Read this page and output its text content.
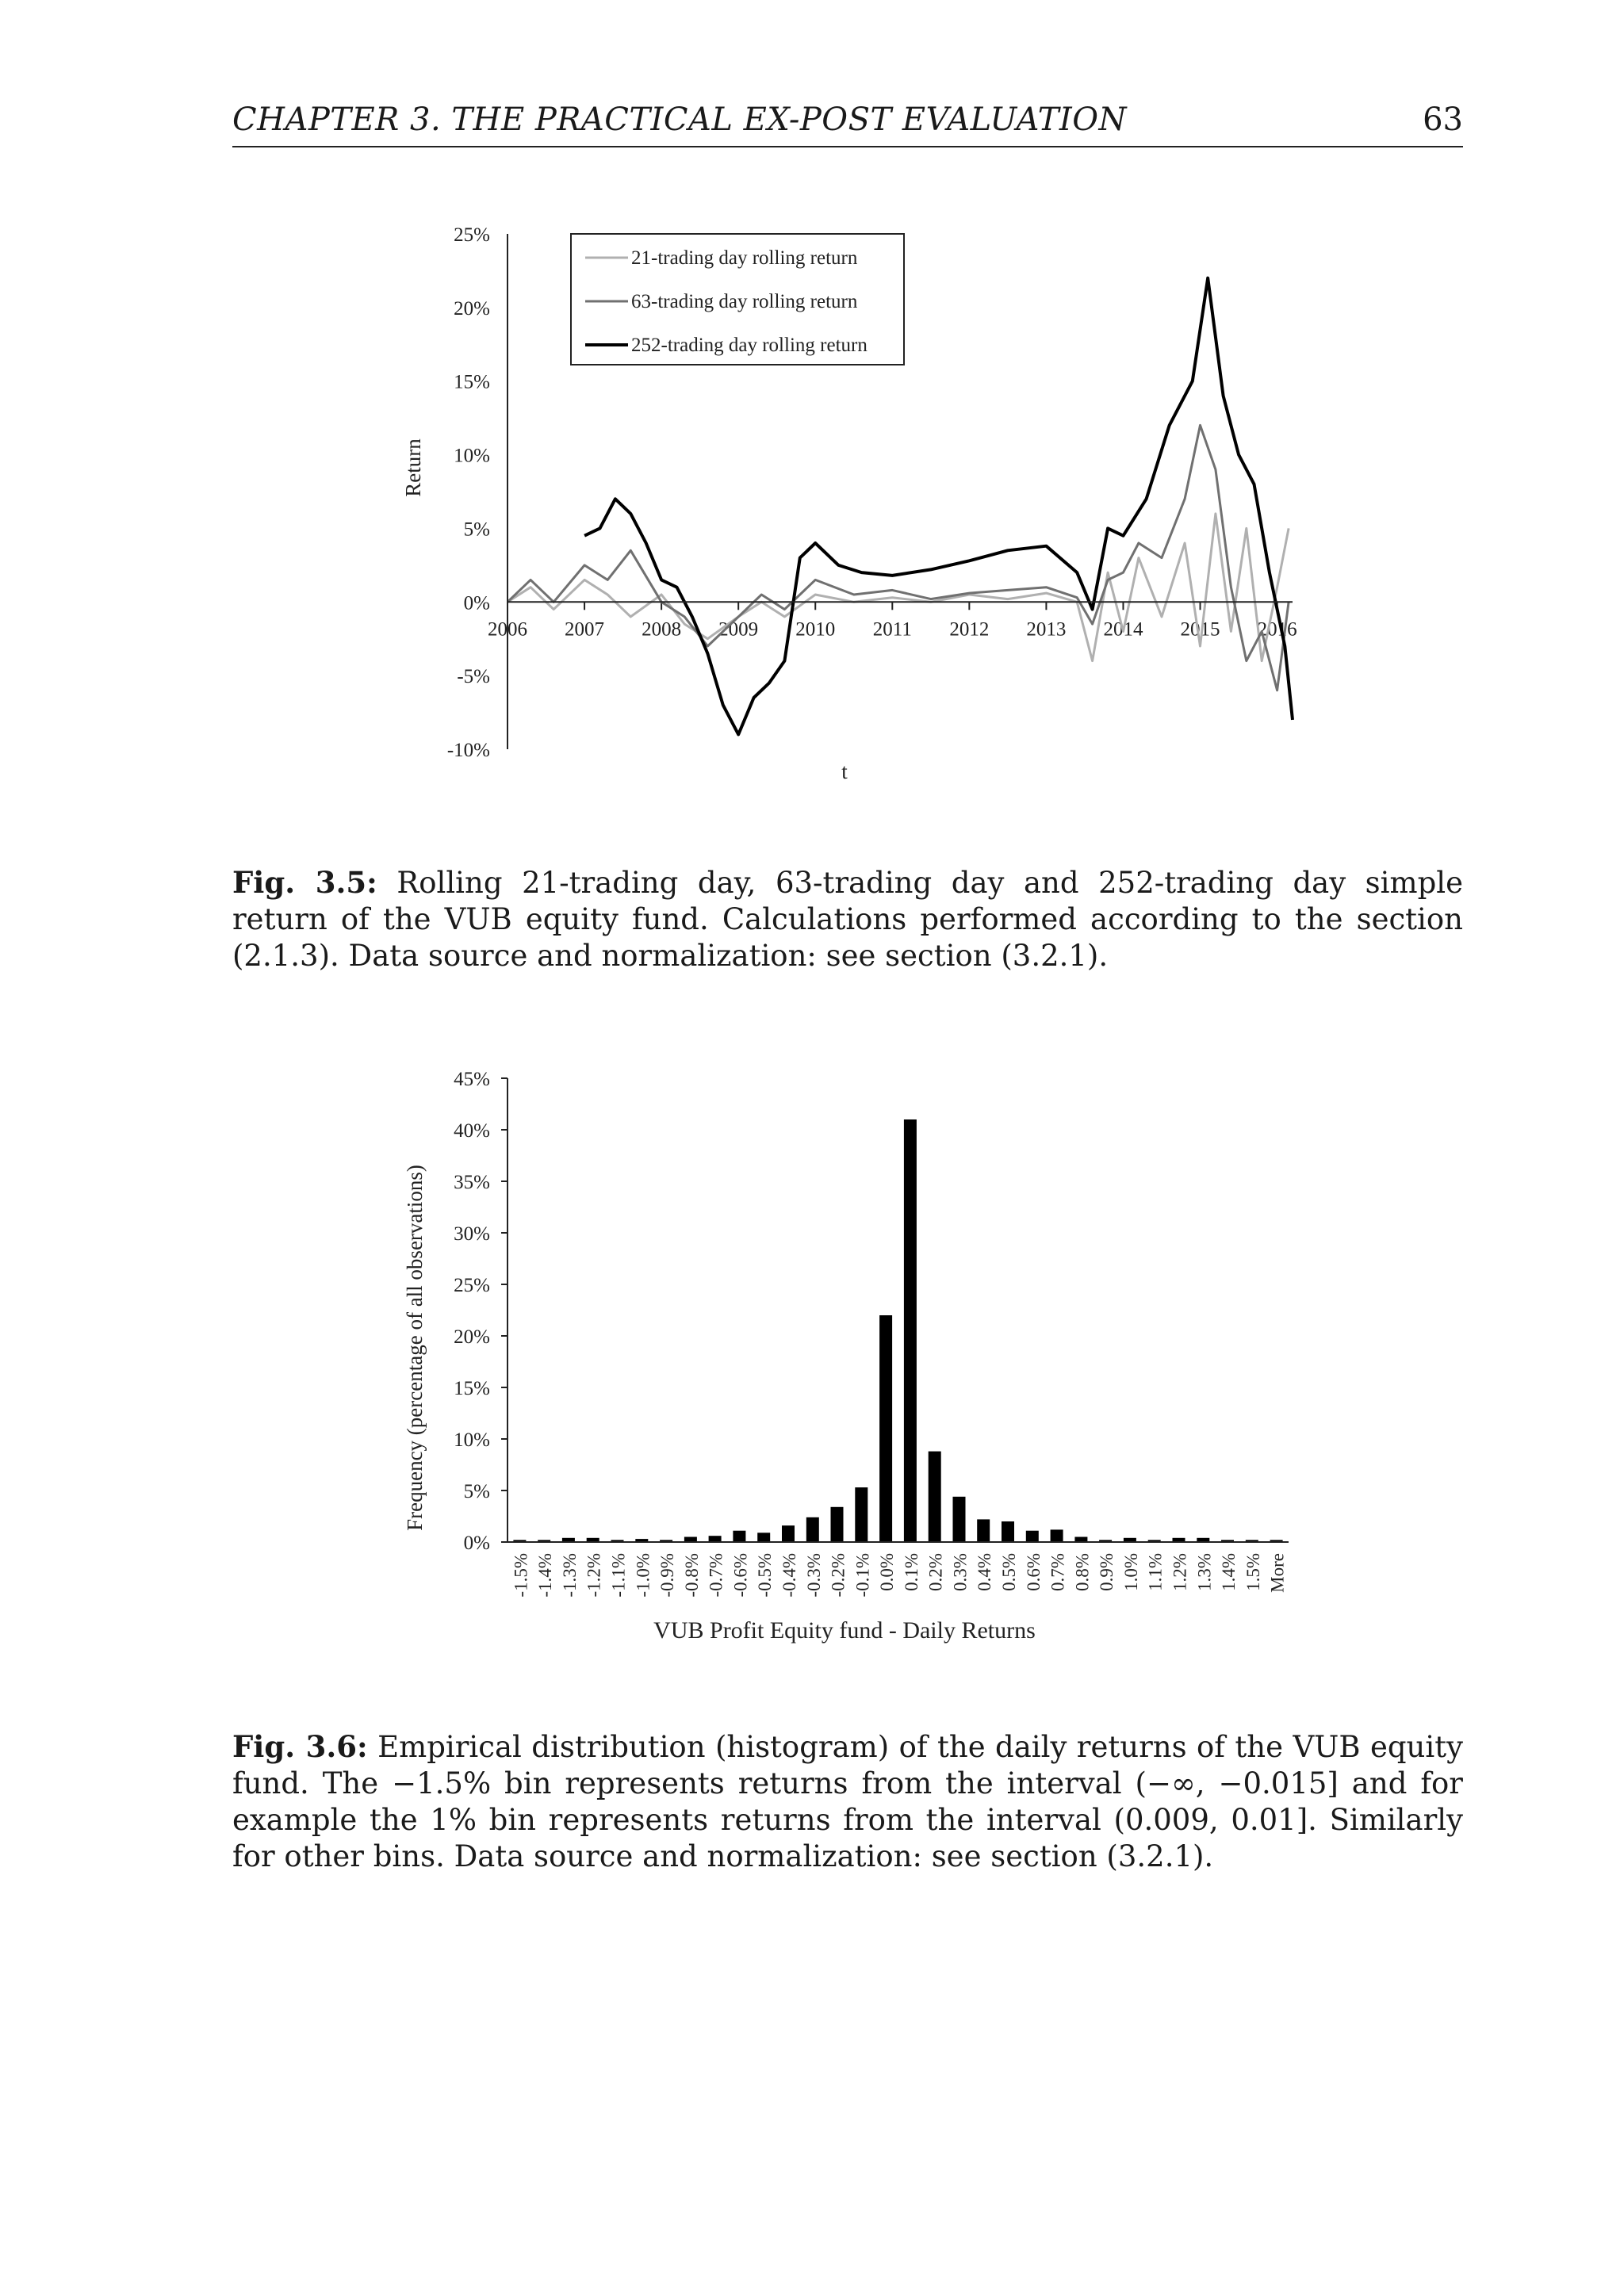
CHAPTER 3. THE PRACTICAL EX-POST EVALUATION	63
Return
t
25%
20%
15%
10%
5%
0%
-5%
-10%
2006 2007 2008 2009 2010 2011 2012 2013 2014 2015 2016
21-trading day rolling return
63-trading day rolling return
252-trading day rolling return
Fig. 3.5: Rolling 21-trading day, 63-trading day and 252-trading day simple return of the VUB equity fund. Calculations performed according to the section (2.1.3). Data source and normalization: see section (3.2.1).
Frequency (percentage of all observations)
VUB Profit Equity fund - Daily Returns
45%
40%
35%
30%
25%
20%
15%
10%
5%
0%
-1.5% -1.4% -1.3% -1.2% -1.1% -1.0% -0.9% -0.8% -0.7% -0.6% -0.5% -0.4% -0.3% -0.2% -0.1% 0.0% 0.1% 0.2% 0.3% 0.4% 0.5% 0.6% 0.7% 0.8% 0.9% 1.0% 1.1% 1.2% 1.3% 1.4% 1.5% More
Fig. 3.6: Empirical distribution (histogram) of the daily returns of the VUB equity fund. The −1.5% bin represents returns from the interval (−∞, −0.015] and for example the 1% bin represents returns from the interval (0.009, 0.01]. Similarly for other bins. Data source and normalization: see section (3.2.1).
